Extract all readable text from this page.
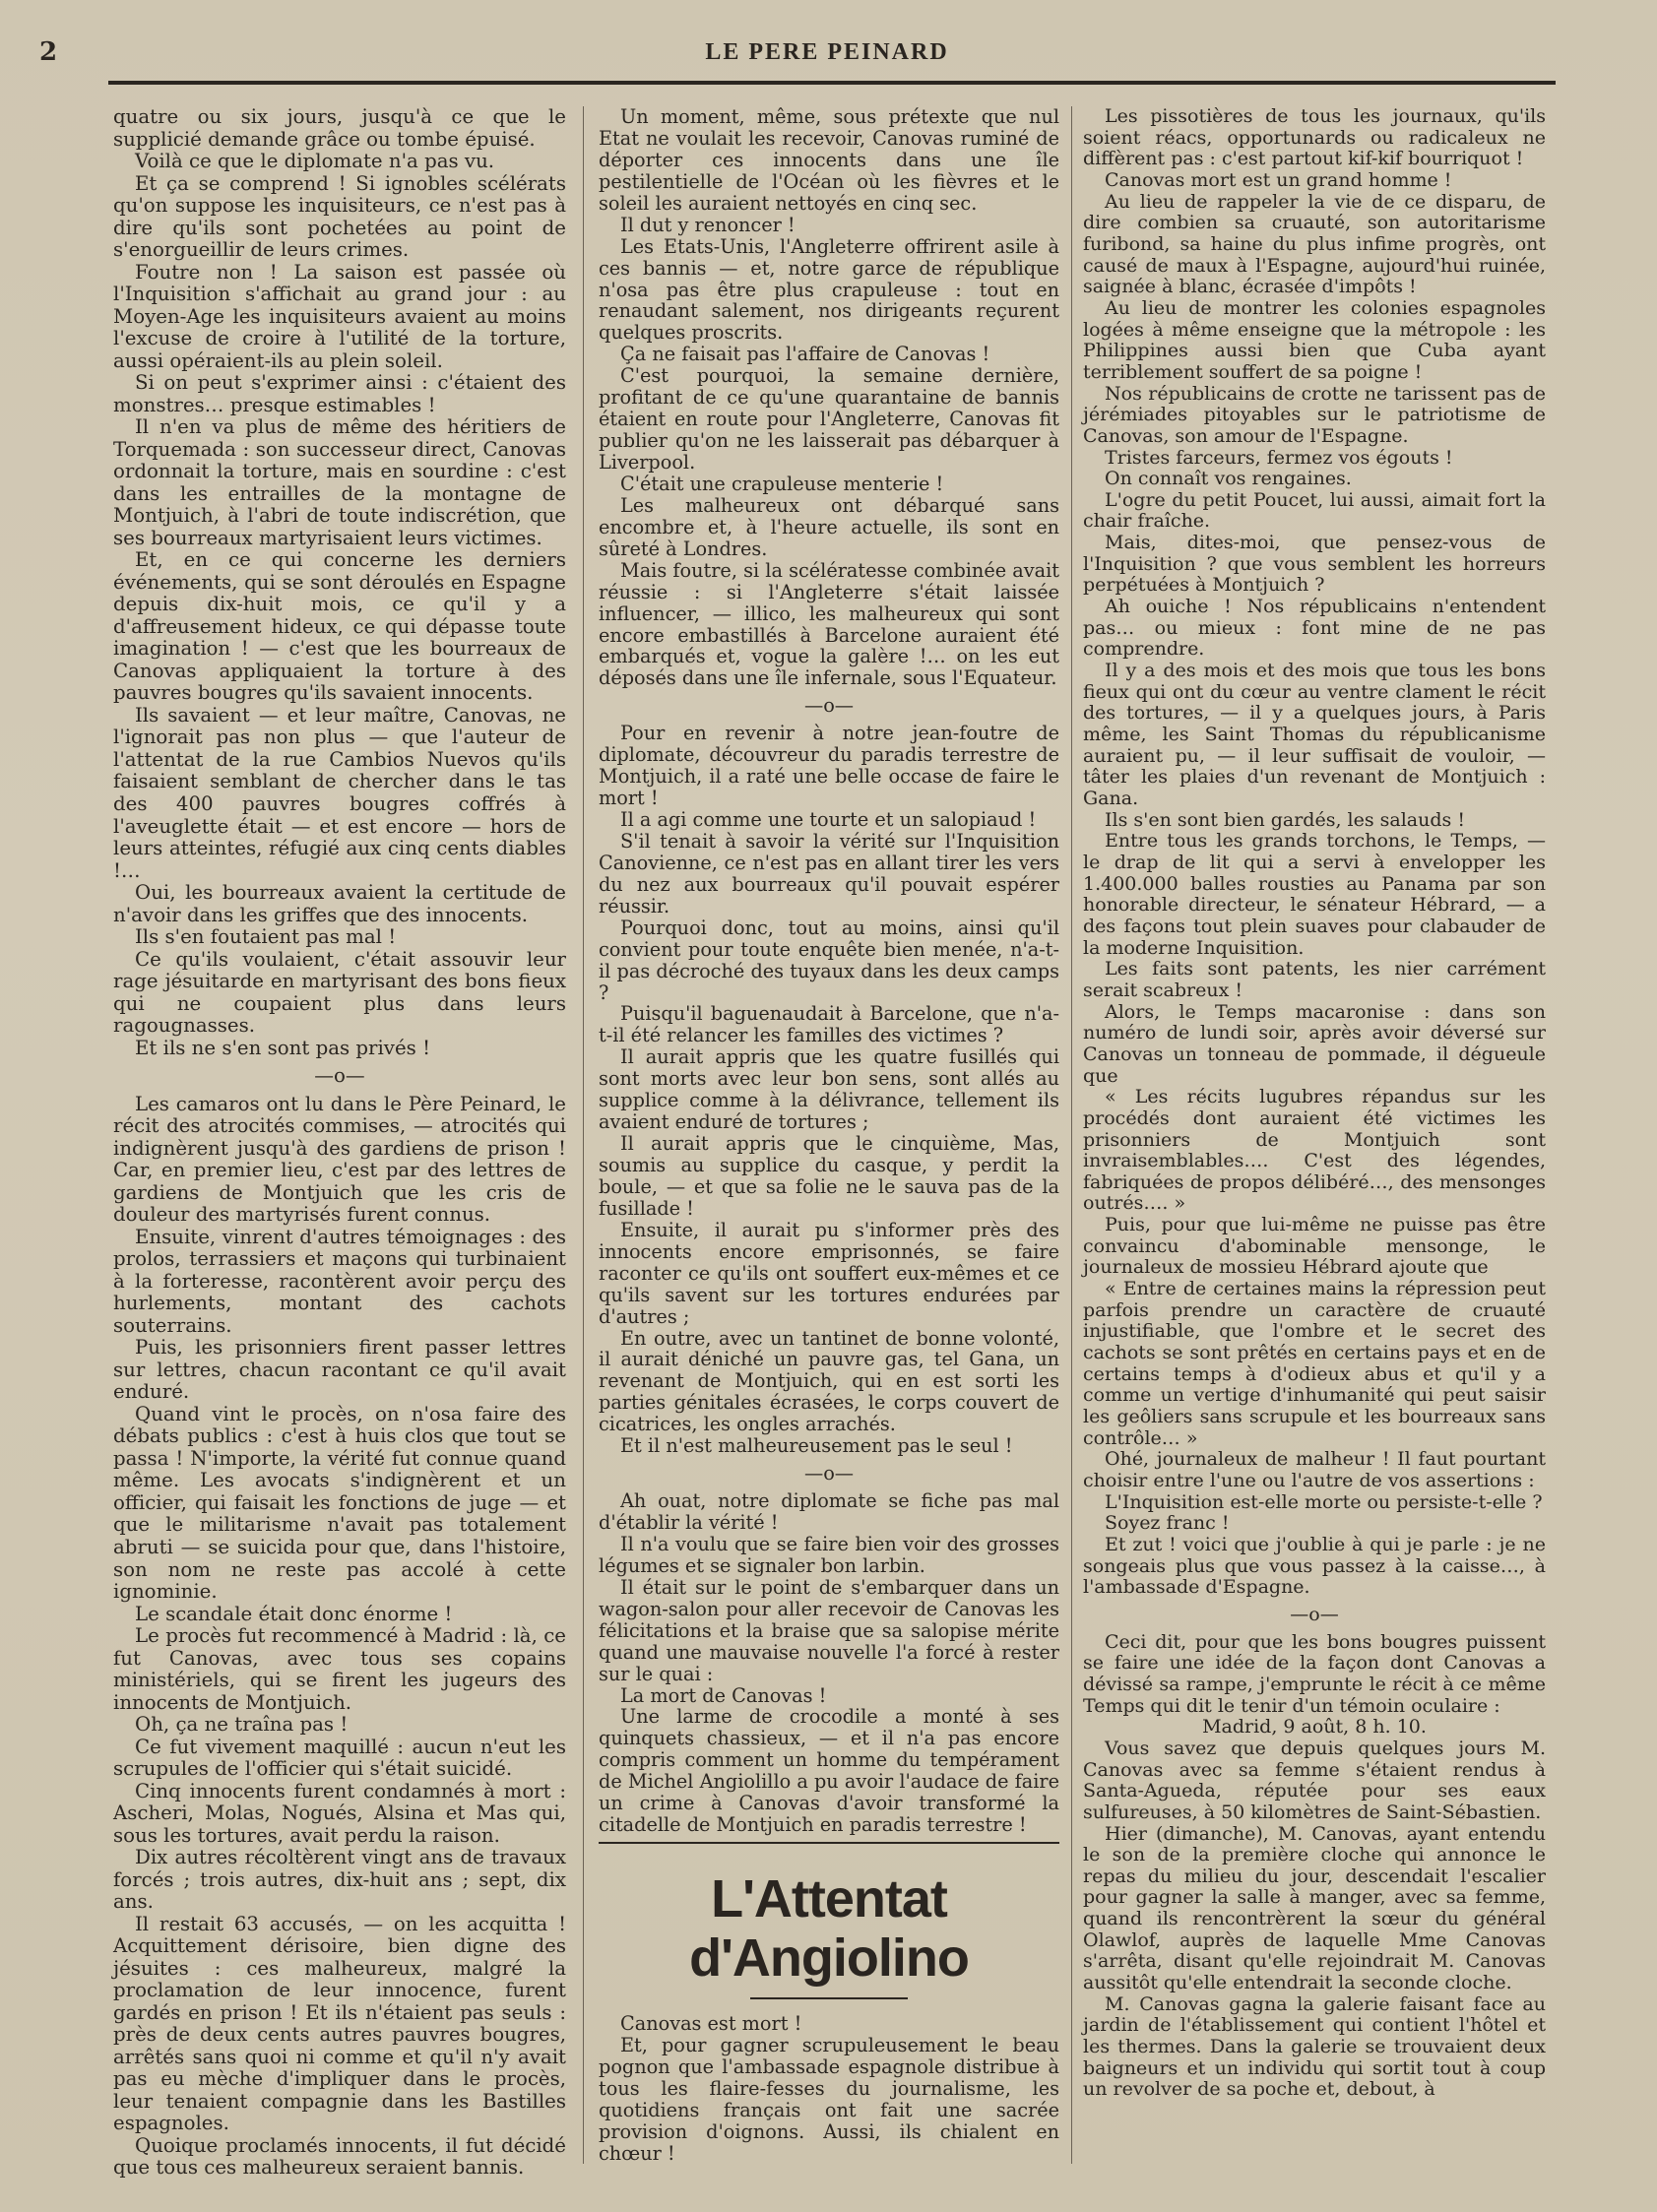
2	LE PERE PEINARD

quatre ou six jours, jusqu'à ce que le supplicié demande grâce ou tombe épuisé.

Voilà ce que le diplomate n'a pas vu.

Et ça se comprend ! Si ignobles scélérats qu'on suppose les inquisiteurs, ce n'est pas à dire qu'ils sont pochetées au point de s'enorgueillir de leurs crimes.

Foutre non ! La saison est passée où l'Inquisition s'affichait au grand jour : au Moyen-Age les inquisiteurs avaient au moins l'excuse de croire à l'utilité de la torture, aussi opéraient-ils au plein soleil.

Si on peut s'exprimer ainsi : c'étaient des monstres… presque estimables !

Il n'en va plus de même des héritiers de Torquemada : son successeur direct, Canovas ordonnait la torture, mais en sourdine : c'est dans les entrailles de la montagne de Montjuich, à l'abri de toute indiscrétion, que ses bourreaux martyrisaient leurs victimes.

Et, en ce qui concerne les derniers événements, qui se sont déroulés en Espagne depuis dix-huit mois, ce qu'il y a d'affreusement hideux, ce qui dépasse toute imagination ! — c'est que les bourreaux de Canovas appliquaient la torture à des pauvres bougres qu'ils savaient innocents.

Ils savaient — et leur maître, Canovas, ne l'ignorait pas non plus — que l'auteur de l'attentat de la rue Cambios Nuevos qu'ils faisaient semblant de chercher dans le tas des 400 pauvres bougres coffrés à l'aveuglette était — et est encore — hors de leurs atteintes, réfugié aux cinq cents diables !…

Oui, les bourreaux avaient la certitude de n'avoir dans les griffes que des innocents.

Ils s'en foutaient pas mal !

Ce qu'ils voulaient, c'était assouvir leur rage jésuitarde en martyrisant des bons fieux qui ne coupaient plus dans leurs ragougnasses.

Et ils ne s'en sont pas privés !

—o—

Les camaros ont lu dans le Père Peinard, le récit des atrocités commises, — atrocités qui indignèrent jusqu'à des gardiens de prison ! Car, en premier lieu, c'est par des lettres de gardiens de Montjuich que les cris de douleur des martyrisés furent connus.

Ensuite, vinrent d'autres témoignages : des prolos, terrassiers et maçons qui turbinaient à la forteresse, racontèrent avoir perçu des hurlements, montant des cachots souterrains.

Puis, les prisonniers firent passer lettres sur lettres, chacun racontant ce qu'il avait enduré.

Quand vint le procès, on n'osa faire des débats publics : c'est à huis clos que tout se passa ! N'importe, la vérité fut connue quand même. Les avocats s'indignèrent et un officier, qui faisait les fonctions de juge — et que le militarisme n'avait pas totalement abruti — se suicida pour que, dans l'histoire, son nom ne reste pas accolé à cette ignominie.

Le scandale était donc énorme !

Le procès fut recommencé à Madrid : là, ce fut Canovas, avec tous ses copains ministériels, qui se firent les jugeurs des innocents de Montjuich.

Oh, ça ne traîna pas !

Ce fut vivement maquillé : aucun n'eut les scrupules de l'officier qui s'était suicidé.

Cinq innocents furent condamnés à mort : Ascheri, Molas, Nogués, Alsina et Mas qui, sous les tortures, avait perdu la raison.

Dix autres récoltèrent vingt ans de travaux forcés ; trois autres, dix-huit ans ; sept, dix ans.

Il restait 63 accusés, — on les acquitta ! Acquittement dérisoire, bien digne des jésuites : ces malheureux, malgré la proclamation de leur innocence, furent gardés en prison ! Et ils n'étaient pas seuls : près de deux cents autres pauvres bougres, arrêtés sans quoi ni comme et qu'il n'y avait pas eu mèche d'impliquer dans le procès, leur tenaient compagnie dans les Bastilles espagnoles.

Quoique proclamés innocents, il fut décidé que tous ces malheureux seraient bannis.

Un moment, même, sous prétexte que nul Etat ne voulait les recevoir, Canovas ruminé de déporter ces innocents dans une île pestilentielle de l'Océan où les fièvres et le soleil les auraient nettoyés en cinq sec.

Il dut y renoncer !

Les Etats-Unis, l'Angleterre offrirent asile à ces bannis — et, notre garce de république n'osa pas être plus crapuleuse : tout en renaudant salement, nos dirigeants reçurent quelques proscrits.

Ça ne faisait pas l'affaire de Canovas !

C'est pourquoi, la semaine dernière, profitant de ce qu'une quarantaine de bannis étaient en route pour l'Angleterre, Canovas fit publier qu'on ne les laisserait pas débarquer à Liverpool.

C'était une crapuleuse menterie !

Les malheureux ont débarqué sans encombre et, à l'heure actuelle, ils sont en sûreté à Londres.

Mais foutre, si la scélératesse combinée avait réussie : si l'Angleterre s'était laissée influencer, — illico, les malheureux qui sont encore embastillés à Barcelone auraient été embarqués et, vogue la galère !… on les eut déposés dans une île infernale, sous l'Equateur.

—o—

Pour en revenir à notre jean-foutre de diplomate, découvreur du paradis terrestre de Montjuich, il a raté une belle occase de faire le mort !

Il a agi comme une tourte et un salopiaud !

S'il tenait à savoir la vérité sur l'Inquisition Canovienne, ce n'est pas en allant tirer les vers du nez aux bourreaux qu'il pouvait espérer réussir.

Pourquoi donc, tout au moins, ainsi qu'il convient pour toute enquête bien menée, n'a-t-il pas décroché des tuyaux dans les deux camps ?

Puisqu'il baguenaudait à Barcelone, que n'a-t-il été relancer les familles des victimes ?

Il aurait appris que les quatre fusillés qui sont morts avec leur bon sens, sont allés au supplice comme à la délivrance, tellement ils avaient enduré de tortures ;

Il aurait appris que le cinquième, Mas, soumis au supplice du casque, y perdit la boule, — et que sa folie ne le sauva pas de la fusillade !

Ensuite, il aurait pu s'informer près des innocents encore emprisonnés, se faire raconter ce qu'ils ont souffert eux-mêmes et ce qu'ils savent sur les tortures endurées par d'autres ;

En outre, avec un tantinet de bonne volonté, il aurait déniché un pauvre gas, tel Gana, un revenant de Montjuich, qui en est sorti les parties génitales écrasées, le corps couvert de cicatrices, les ongles arrachés.

Et il n'est malheureusement pas le seul !

—o—

Ah ouat, notre diplomate se fiche pas mal d'établir la vérité !

Il n'a voulu que se faire bien voir des grosses légumes et se signaler bon larbin.

Il était sur le point de s'embarquer dans un wagon-salon pour aller recevoir de Canovas les félicitations et la braise que sa salopise mérite quand une mauvaise nouvelle l'a forcé à rester sur le quai :

La mort de Canovas !

Une larme de crocodile a monté à ses quinquets chassieux, — et il n'a pas encore compris comment un homme du tempérament de Michel Angiolillo a pu avoir l'audace de faire un crime à Canovas d'avoir transformé la citadelle de Montjuich en paradis terrestre !

L'Attentat d'Angiolino

Canovas est mort !

Et, pour gagner scrupuleusement le beau pognon que l'ambassade espagnole distribue à tous les flaire-fesses du journalisme, les quotidiens français ont fait une sacrée provision d'oignons. Aussi, ils chialent en chœur !

Les pissotières de tous les journaux, qu'ils soient réacs, opportunards ou radicaleux ne diffèrent pas : c'est partout kif-kif bourriquot !

Canovas mort est un grand homme !

Au lieu de rappeler la vie de ce disparu, de dire combien sa cruauté, son autoritarisme furibond, sa haine du plus infime progrès, ont causé de maux à l'Espagne, aujourd'hui ruinée, saignée à blanc, écrasée d'impôts !

Au lieu de montrer les colonies espagnoles logées à même enseigne que la métropole : les Philippines aussi bien que Cuba ayant terriblement souffert de sa poigne !

Nos républicains de crotte ne tarissent pas de jérémiades pitoyables sur le patriotisme de Canovas, son amour de l'Espagne.

Tristes farceurs, fermez vos égouts !

On connaît vos rengaines.

L'ogre du petit Poucet, lui aussi, aimait fort la chair fraîche.

Mais, dites-moi, que pensez-vous de l'Inquisition ? que vous semblent les horreurs perpétuées à Montjuich ?

Ah ouiche ! Nos républicains n'entendent pas… ou mieux : font mine de ne pas comprendre.

Il y a des mois et des mois que tous les bons fieux qui ont du cœur au ventre clament le récit des tortures, — il y a quelques jours, à Paris même, les Saint Thomas du républicanisme auraient pu, — il leur suffisait de vouloir, — tâter les plaies d'un revenant de Montjuich : Gana.

Ils s'en sont bien gardés, les salauds !

Entre tous les grands torchons, le Temps, — le drap de lit qui a servi à envelopper les 1.400.000 balles rousties au Panama par son honorable directeur, le sénateur Hébrard, — a des façons tout plein suaves pour clabauder de la moderne Inquisition.

Les faits sont patents, les nier carrément serait scabreux !

Alors, le Temps macaronise : dans son numéro de lundi soir, après avoir déversé sur Canovas un tonneau de pommade, il dégueule que

« Les récits lugubres répandus sur les procédés dont auraient été victimes les prisonniers de Montjuich sont invraisemblables…. C'est des légendes, fabriquées de propos délibéré…, des mensonges outrés…. »

Puis, pour que lui-même ne puisse pas être convaincu d'abominable mensonge, le journaleux de mossieu Hébrard ajoute que

« Entre de certaines mains la répression peut parfois prendre un caractère de cruauté injustifiable, que l'ombre et le secret des cachots se sont prêtés en certains pays et en de certains temps à d'odieux abus et qu'il y a comme un vertige d'inhumanité qui peut saisir les geôliers sans scrupule et les bourreaux sans contrôle… »

Ohé, journaleux de malheur ! Il faut pourtant choisir entre l'une ou l'autre de vos assertions :

L'Inquisition est-elle morte ou persiste-t-elle ?

Soyez franc !

Et zut ! voici que j'oublie à qui je parle : je ne songeais plus que vous passez à la caisse…, à l'ambassade d'Espagne.

—o—

Ceci dit, pour que les bons bougres puissent se faire une idée de la façon dont Canovas a dévissé sa rampe, j'emprunte le récit à ce même Temps qui dit le tenir d'un témoin oculaire :

Madrid, 9 août, 8 h. 10.

Vous savez que depuis quelques jours M. Canovas avec sa femme s'étaient rendus à Santa-Agueda, réputée pour ses eaux sulfureuses, à 50 kilomètres de Saint-Sébastien.

Hier (dimanche), M. Canovas, ayant entendu le son de la première cloche qui annonce le repas du milieu du jour, descendait l'escalier pour gagner la salle à manger, avec sa femme, quand ils rencontrèrent la sœur du général Olawlof, auprès de laquelle Mme Canovas s'arrêta, disant qu'elle rejoindrait M. Canovas aussitôt qu'elle entendrait la seconde cloche.

M. Canovas gagna la galerie faisant face au jardin de l'établissement qui contient l'hôtel et les thermes. Dans la galerie se trouvaient deux baigneurs et un individu qui sortit tout à coup un revolver de sa poche et, debout, à
